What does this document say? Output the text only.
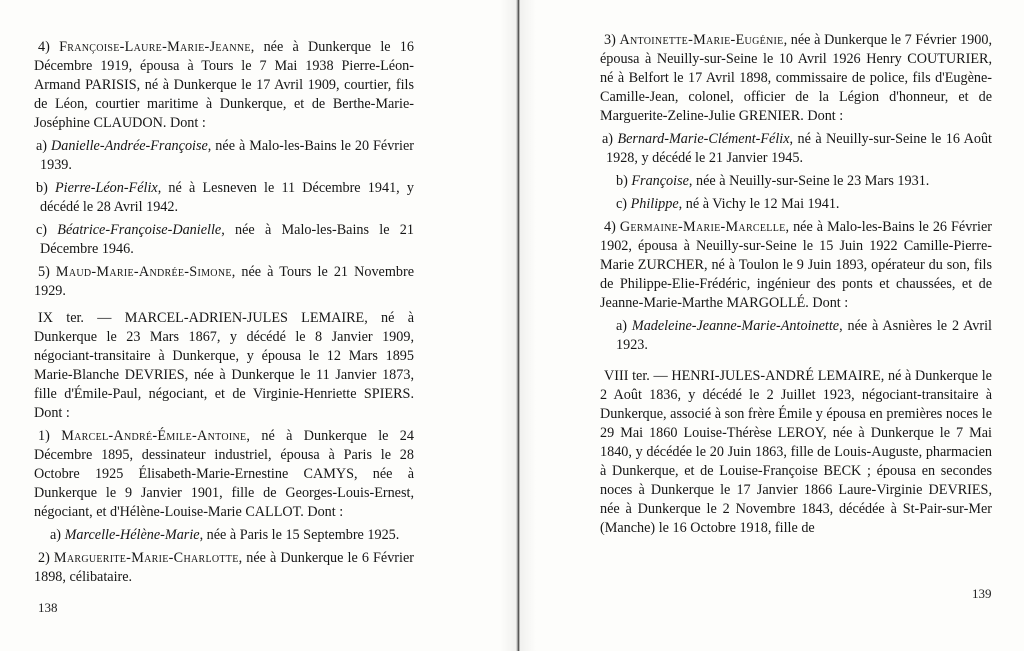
4) Françoise-Laure-Marie-Jeanne, née à Dunkerque le 16 Décembre 1919, épousa à Tours le 7 Mai 1938 Pierre-Léon-Armand PARISIS, né à Dunkerque le 17 Avril 1909, courtier, fils de Léon, courtier maritime à Dunkerque, et de Berthe-Marie-Joséphine CLAUDON. Dont :

a) Danielle-Andrée-Françoise, née à Malo-les-Bains le 20 Février 1939.

b) Pierre-Léon-Félix, né à Lesneven le 11 Décembre 1941, y décédé le 28 Avril 1942.

c) Béatrice-Françoise-Danielle, née à Malo-les-Bains le 21 Décembre 1946.

5) Maud-Marie-Andrée-Simone, née à Tours le 21 Novembre 1929.

IX ter. — MARCEL-ADRIEN-JULES LEMAIRE, né à Dunkerque le 23 Mars 1867, y décédé le 8 Janvier 1909, négociant-transitaire à Dunkerque, y épousa le 12 Mars 1895 Marie-Blanche DEVRIES, née à Dunkerque le 11 Janvier 1873, fille d'Émile-Paul, négociant, et de Virginie-Henriette SPIERS. Dont :

1) Marcel-André-Émile-Antoine, né à Dunkerque le 24 Décembre 1895, dessinateur industriel, épousa à Paris le 28 Octobre 1925 Élisabeth-Marie-Ernestine CAMYS, née à Dunkerque le 9 Janvier 1901, fille de Georges-Louis-Ernest, négociant, et d'Hélène-Louise-Marie CALLOT. Dont :

a) Marcelle-Hélène-Marie, née à Paris le 15 Septembre 1925.

2) Marguerite-Marie-Charlotte, née à Dunkerque le 6 Février 1898, célibataire.

138

3) Antoinette-Marie-Eugénie, née à Dunkerque le 7 Février 1900, épousa à Neuilly-sur-Seine le 10 Avril 1926 Henry COUTURIER, né à Belfort le 17 Avril 1898, commissaire de police, fils d'Eugène-Camille-Jean, colonel, officier de la Légion d'honneur, et de Marguerite-Zeline-Julie GRENIER. Dont :

a) Bernard-Marie-Clément-Félix, né à Neuilly-sur-Seine le 16 Août 1928, y décédé le 21 Janvier 1945.

b) Françoise, née à Neuilly-sur-Seine le 23 Mars 1931.

c) Philippe, né à Vichy le 12 Mai 1941.

4) Germaine-Marie-Marcelle, née à Malo-les-Bains le 26 Février 1902, épousa à Neuilly-sur-Seine le 15 Juin 1922 Camille-Pierre-Marie ZURCHER, né à Toulon le 9 Juin 1893, opérateur du son, fils de Philippe-Elie-Frédéric, ingénieur des ponts et chaussées, et de Jeanne-Marie-Marthe MARGOLLÉ. Dont :

a) Madeleine-Jeanne-Marie-Antoinette, née à Asnières le 2 Avril 1923.

VIII ter. — HENRI-JULES-ANDRÉ LEMAIRE, né à Dunkerque le 2 Août 1836, y décédé le 2 Juillet 1923, négociant-transitaire à Dunkerque, associé à son frère Émile y épousa en premières noces le 29 Mai 1860 Louise-Thérèse LEROY, née à Dunkerque le 7 Mai 1840, y décédée le 20 Juin 1863, fille de Louis-Auguste, pharmacien à Dunkerque, et de Louise-Françoise BECK ; épousa en secondes noces à Dunkerque le 17 Janvier 1866 Laure-Virginie DEVRIES, née à Dunkerque le 2 Novembre 1843, décédée à St-Pair-sur-Mer (Manche) le 16 Octobre 1918, fille de

139
